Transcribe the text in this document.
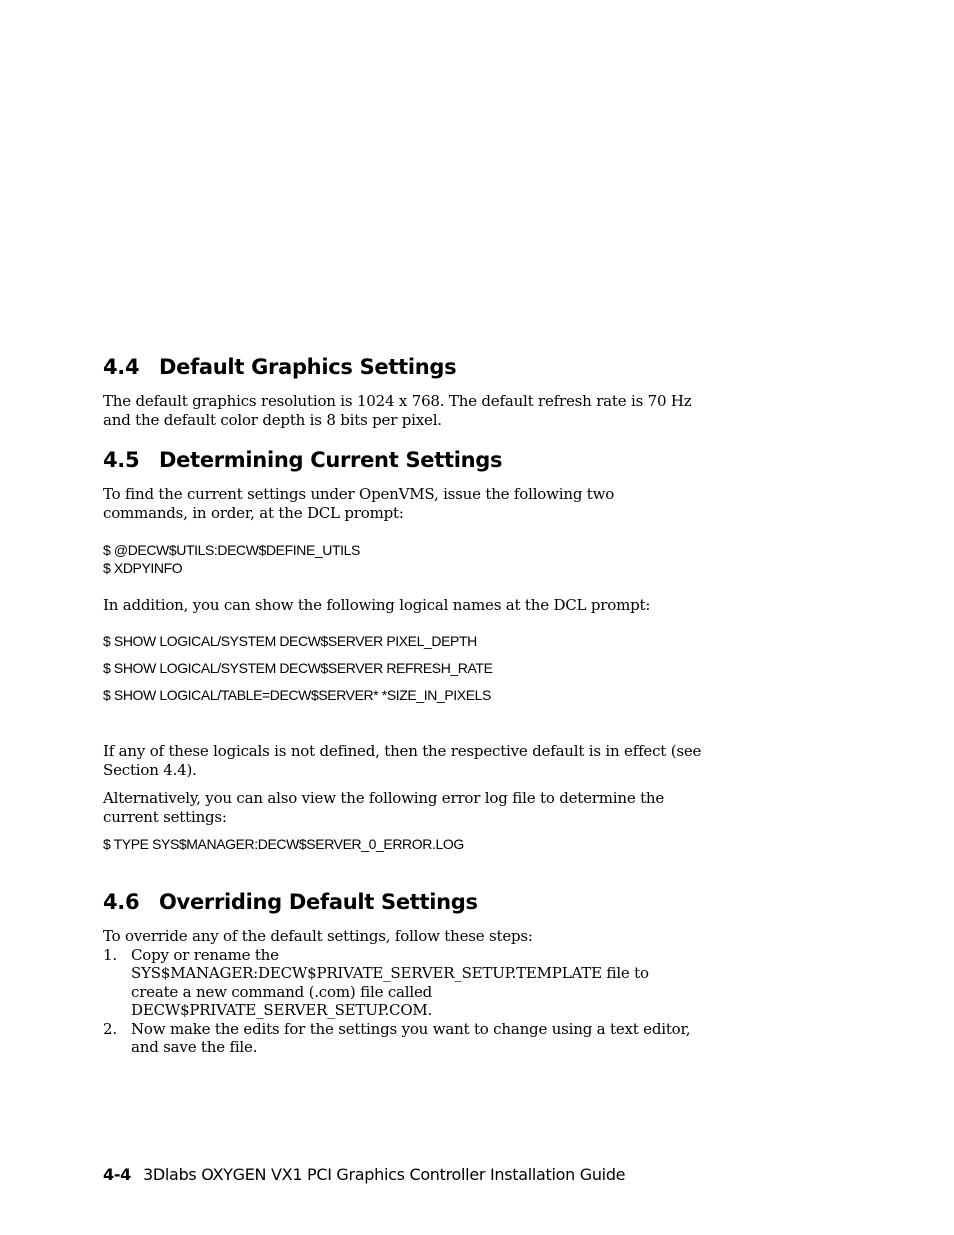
4.4 Default Graphics Settings
The default graphics resolution is 1024 x 768. The default refresh rate is 70 Hz
and the default color depth is 8 bits per pixel.
4.5 Determining Current Settings
To find the current settings under OpenVMS, issue the following two
commands, in order, at the DCL prompt:
$ @DECW$UTILS:DECW$DEFINE_UTILS
$ XDPYINFO
In addition, you can show the following logical names at the DCL prompt:
$ SHOW LOGICAL/SYSTEM DECW$SERVER PIXEL_DEPTH
$ SHOW LOGICAL/SYSTEM DECW$SERVER REFRESH_RATE
$ SHOW LOGICAL/TABLE=DECW$SERVER* *SIZE_IN_PIXELS
If any of these logicals is not defined, then the respective default is in effect (see
Section 4.4).
Alternatively, you can also view the following error log file to determine the
current settings:
$ TYPE SYS$MANAGER:DECW$SERVER_0_ERROR.LOG
4.6 Overriding Default Settings
To override any of the default settings, follow these steps:
1. Copy or rename the
SYS$MANAGER:DECW$PRIVATE_SERVER_SETUP.TEMPLATE file to
create a new command (.com) file called
DECW$PRIVATE_SERVER_SETUP.COM.
2. Now make the edits for the settings you want to change using a text editor,
and save the file.
4-4 3Dlabs OXYGEN VX1 PCI Graphics Controller Installation Guide
